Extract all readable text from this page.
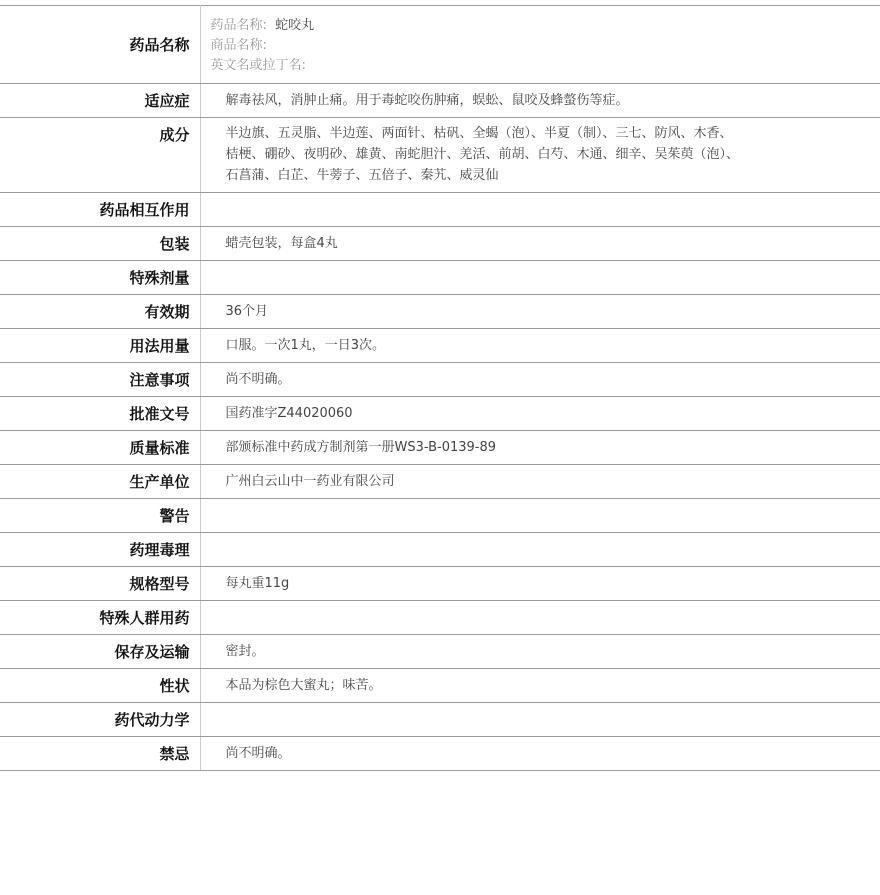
药品名称	药品名称: 蛇咬丸
商品名称:
英文名或拉丁名:

适应症	解毒祛风，消肿止痛。用于毒蛇咬伤肿痛，蜈蚣、鼠咬及蜂螫伤等症。
成分	半边旗、五灵脂、半边莲、两面针、枯矾、全蝎（泡）、半夏（制）、三七、防风、木香、
桔梗、硼砂、夜明砂、雄黄、南蛇胆汁、羌活、前胡、白芍、木通、细辛、吴茱萸（泡）、
石菖蒲、白芷、牛蒡子、五倍子、秦艽、威灵仙

药品相互作用	
包装	蜡壳包装，每盒4丸
特殊剂量	
有效期	36个月
用法用量	口服。一次1丸，一日3次。
注意事项	尚不明确。
批准文号	国药准字Z44020060
质量标准	部颁标准中药成方制剂第一册WS3-B-0139-89
生产单位	广州白云山中一药业有限公司
警告	
药理毒理	
规格型号	每丸重11g
特殊人群用药	
保存及运输	密封。
性状	本品为棕色大蜜丸；味苦。
药代动力学	
禁忌	尚不明确。
